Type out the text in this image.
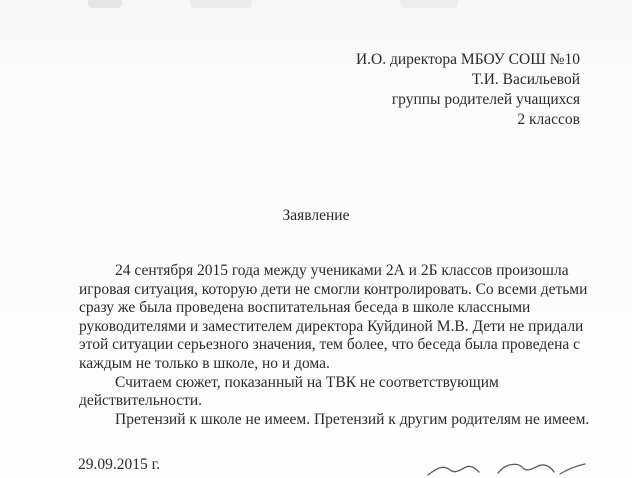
И.О. директора МБОУ СОШ №10
Т.И. Васильевой
группы родителей учащихся
2 классов
Заявление
24 сентября 2015 года между учениками 2А и 2Б классов произошла
игровая ситуация, которую дети не смогли контролировать. Со всеми детьми
сразу же была проведена воспитательная беседа в школе классными
руководителями и заместителем директора Куйдиной М.В. Дети не придали
этой ситуации серьезного значения, тем более, что беседа была проведена с
каждым не только в школе, но и дома.
Считаем сюжет, показанный на ТВК не соответствующим
действительности.
Претензий к школе не имеем. Претензий к другим родителям не имеем.
29.09.2015 г.
